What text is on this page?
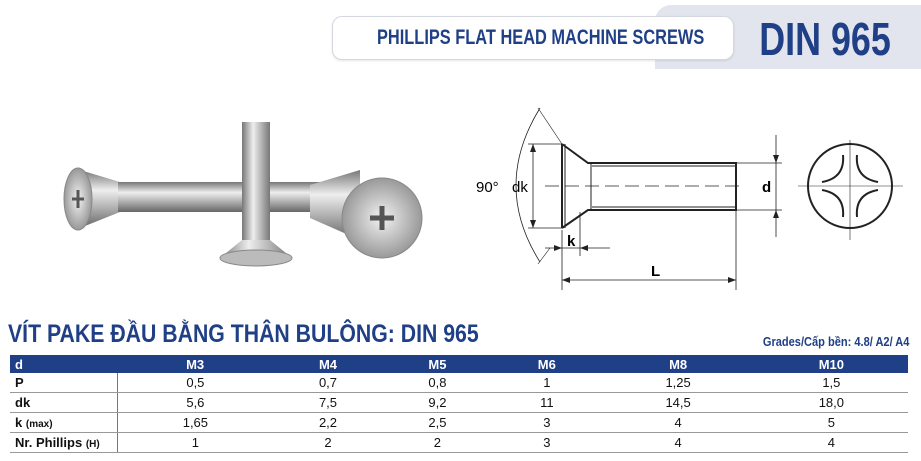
PHILLIPS FLAT HEAD MACHINE SCREWS DIN 965
90° dk	d
k
L
VÍT PAKE ĐẦU BẰNG THÂN BULÔNG: DIN 965	Grades/Cấp bền: 4.8/ A2/ A4
d	M3	M4	M5	M6	M8	M10
P	0,5	0,7	0,8	1	1,25	1,5
dk	5,6	7,5	9,2	11	14,5	18,0
k (max)	1,65	2,2	2,5	3	4	5
Nr. Phillips (H)	1	2	2	3	4	4
